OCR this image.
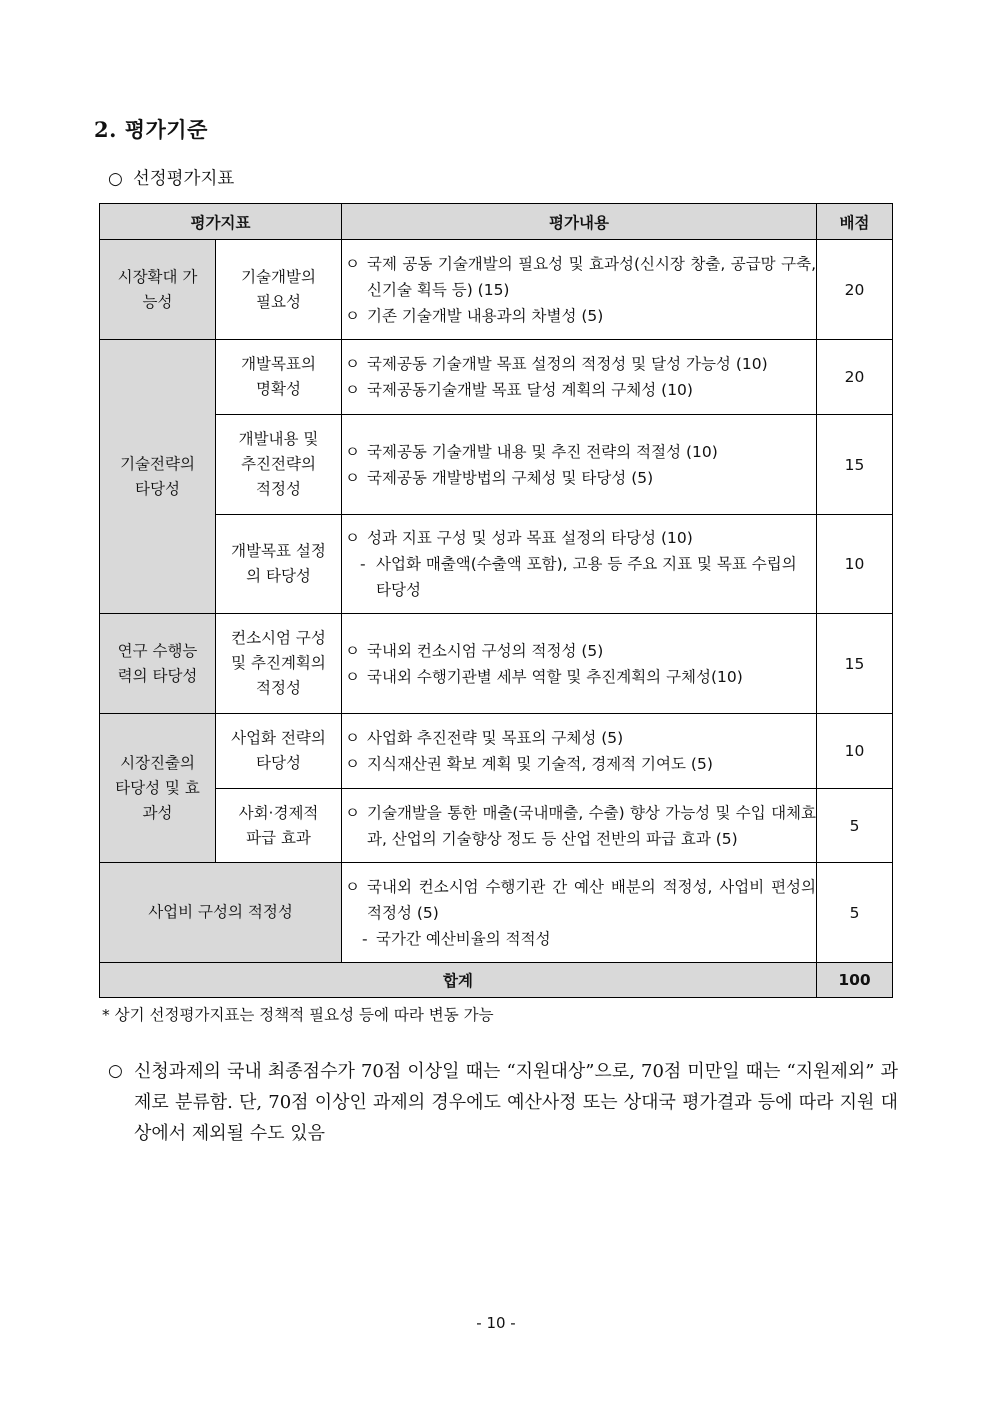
2. 평가기준
○ 선정평가지표
평가지표		평가내용	배점

시장확대 가능성	기술개발의 필요성	ㅇ 국제 공동 기술개발의 필요성 및 효과성(신시장 창출, 공급망 구축, 신기술 획득 등) (15)
ㅇ 기존 기술개발 내용과의 차별성 (5)	20

기술전략의 타당성	개발목표의 명확성	ㅇ 국제공동 기술개발 목표 설정의 적정성 및 달성 가능성 (10)
ㅇ 국제공동기술개발 목표 달성 계획의 구체성 (10)	20

	개발내용 및 추진전략의 적정성	ㅇ 국제공동 기술개발 내용 및 추진 전략의 적절성 (10)
ㅇ 국제공동 개발방법의 구체성 및 타당성 (5)	15

	개발목표 설정의 타당성	ㅇ 성과 지표 구성 및 성과 목표 설정의 타당성 (10)
- 사업화 매출액(수출액 포함), 고용 등 주요 지표 및 목표 수립의 타당성	10

연구 수행능력의 타당성	컨소시엄 구성 및 추진계획의 적정성	ㅇ 국내외 컨소시엄 구성의 적정성 (5)
ㅇ 국내외 수행기관별 세부 역할 및 추진계획의 구체성(10)	15

시장진출의 타당성 및 효과성	사업화 전략의 타당성	ㅇ 사업화 추진전략 및 목표의 구체성 (5)
ㅇ 지식재산권 확보 계획 및 기술적, 경제적 기여도 (5)	10

	사회·경제적 파급 효과	ㅇ 기술개발을 통한 매출(국내매출, 수출) 향상 가능성 및 수입 대체효과, 산업의 기술향상 정도 등 산업 전반의 파급 효과 (5)	5

사업비 구성의 적정성		ㅇ 국내외 컨소시엄 수행기관 간 예산 배분의 적정성, 사업비 편성의 적정성 (5)
- 국가간 예산비율의 적적성	5
합계			100
* 상기 선정평가지표는 정책적 필요성 등에 따라 변동 가능
○ 신청과제의 국내 최종점수가 70점 이상일 때는 “지원대상”으로, 70점 미만일 때는 “지원제외” 과제로 분류함. 단, 70점 이상인 과제의 경우에도 예산사정 또는 상대국 평가결과 등에 따라 지원 대상에서 제외될 수도 있음
- 10 -
